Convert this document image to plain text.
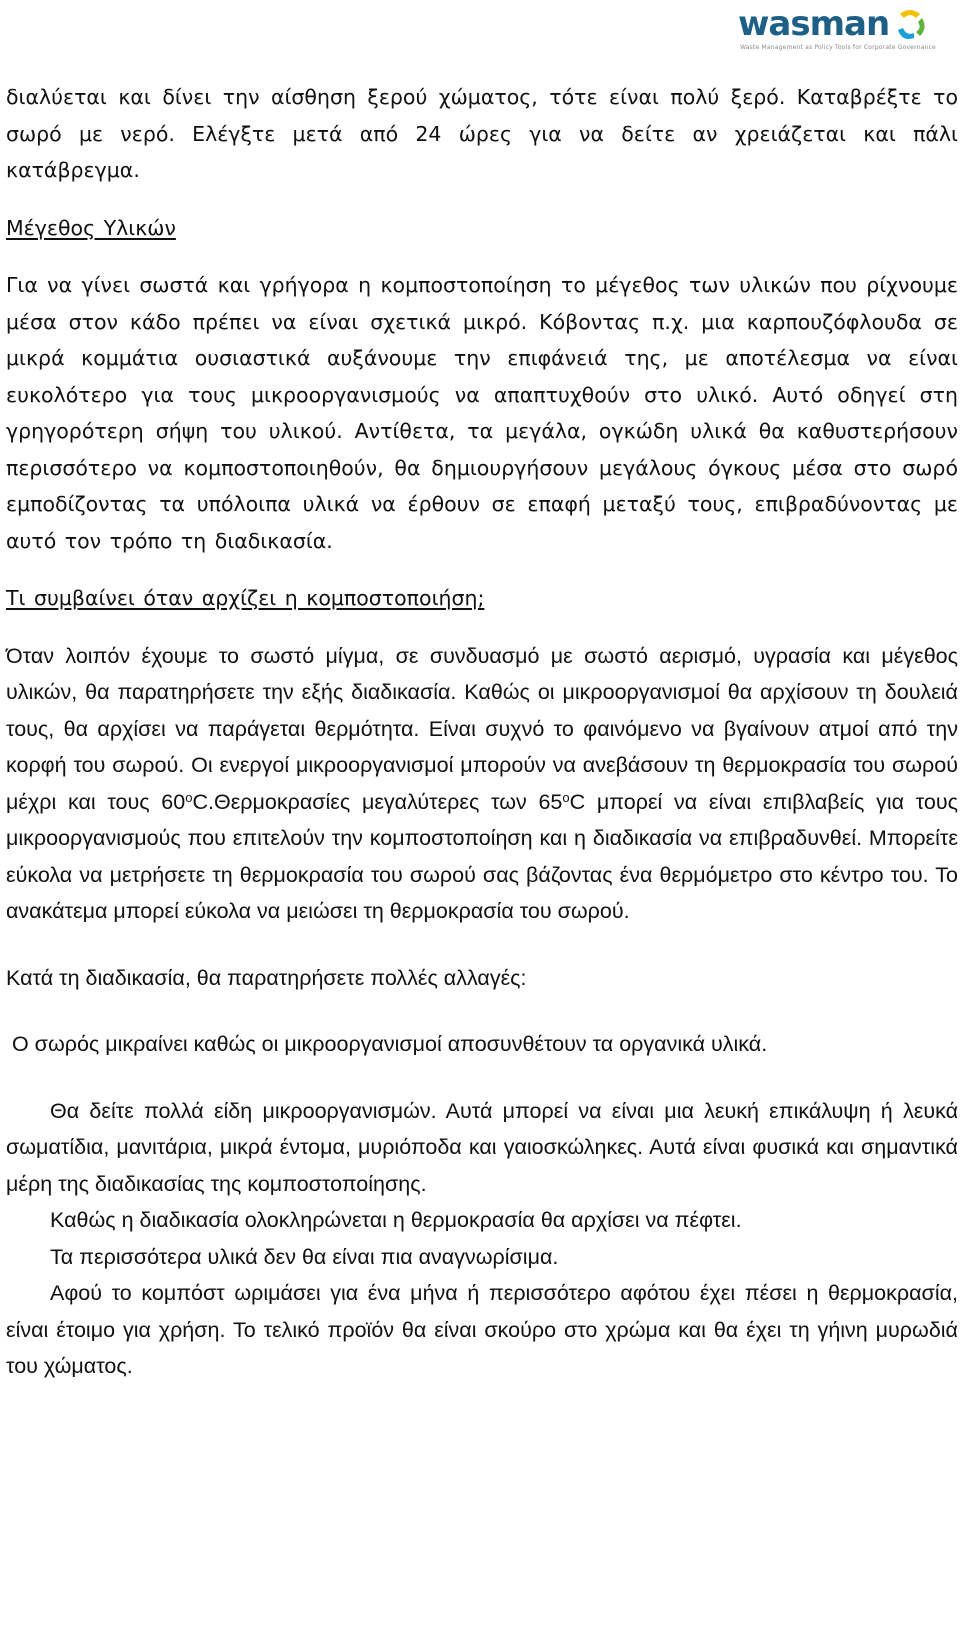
wasman
Waste Management as Policy Tools for Corporate Governance

διαλύεται και δίνει την αίσθηση ξερού χώματος, τότε είναι πολύ ξερό. Καταβρέξτε το σωρό με νερό. Ελέγξτε μετά από 24 ώρες για να δείτε αν χρειάζεται και πάλι κατάβρεγμα.

Μέγεθος Υλικών

Για να γίνει σωστά και γρήγορα η κομποστοποίηση το μέγεθος των υλικών που ρίχνουμε μέσα στον κάδο πρέπει να είναι σχετικά μικρό. Κόβοντας π.χ. μια καρπουζόφλουδα σε μικρά κομμάτια ουσιαστικά αυξάνουμε την επιφάνειά της, με αποτέλεσμα να είναι ευκολότερο για τους μικροοργανισμούς να απαπτυχθούν στο υλικό. Αυτό οδηγεί στη γρηγορότερη σήψη του υλικού. Αντίθετα, τα μεγάλα, ογκώδη υλικά θα καθυστερήσουν περισσότερο να κομποστοποιηθούν, θα δημιουργήσουν μεγάλους όγκους μέσα στο σωρό εμποδίζοντας τα υπόλοιπα υλικά να έρθουν σε επαφή μεταξύ τους, επιβραδύνοντας με αυτό τον τρόπο τη διαδικασία.

Τι συμβαίνει όταν αρχίζει η κομποστοποιήση;

Όταν λοιπόν έχουμε το σωστό μίγμα, σε συνδυασμό με σωστό αερισμό, υγρασία και μέγεθος υλικών, θα παρατηρήσετε την εξής διαδικασία. Καθώς οι μικροοργανισμοί θα αρχίσουν τη δουλειά τους, θα αρχίσει να παράγεται θερμότητα. Είναι συχνό το φαινόμενο να βγαίνουν ατμοί από την κορφή του σωρού. Οι ενεργοί μικροοργανισμοί μπορούν να ανεβάσουν τη θερμοκρασία του σωρού μέχρι και τους $60^oC.\Theta\varepsilon\rho\mu o\kappa\rho\alpha\sigma ί\varepsilon\varsigma$ μεγαλύτερες των $65^oC$ μπορεί να είναι επιβλαβείς για τους μικροοργανισμούς που επιτελούν την κομποστοποίηση και η διαδικασία να επιβραδυνθεί. Μπορείτε εύκολα να μετρήσετε τη θερμοκρασία του σωρού σας βάζοντας ένα θερμόμετρο στο κέντρο του. Το ανακάτεμα μπορεί εύκολα να μειώσει τη θερμοκρασία του σωρού.

Κατά τη διαδικασία, θα παρατηρήσετε πολλές αλλαγές:

Ο σωρός μικραίνει καθώς οι μικροοργανισμοί αποσυνθέτουν τα οργανικά υλικά.

Θα δείτε πολλά είδη μικροοργανισμών. Αυτά μπορεί να είναι μια λευκή επικάλυψη ή λευκά σωματίδια, μανιτάρια, μικρά έντομα, μυριόποδα και γαιοσκώληκες. Αυτά είναι φυσικά και σημαντικά μέρη της διαδικασίας της κομποστοποίησης.
Καθώς η διαδικασία ολοκληρώνεται η θερμοκρασία θα αρχίσει να πέφτει.
Τα περισσότερα υλικά δεν θα είναι πια αναγνωρίσιμα.
Αφού το κομπόστ ωριμάσει για ένα μήνα ή περισσότερο αφότου έχει πέσει η θερμοκρασία, είναι έτοιμο για χρήση. Το τελικό προϊόν θα είναι σκούρο στο χρώμα και θα έχει τη γήινη μυρωδιά του χώματος.
